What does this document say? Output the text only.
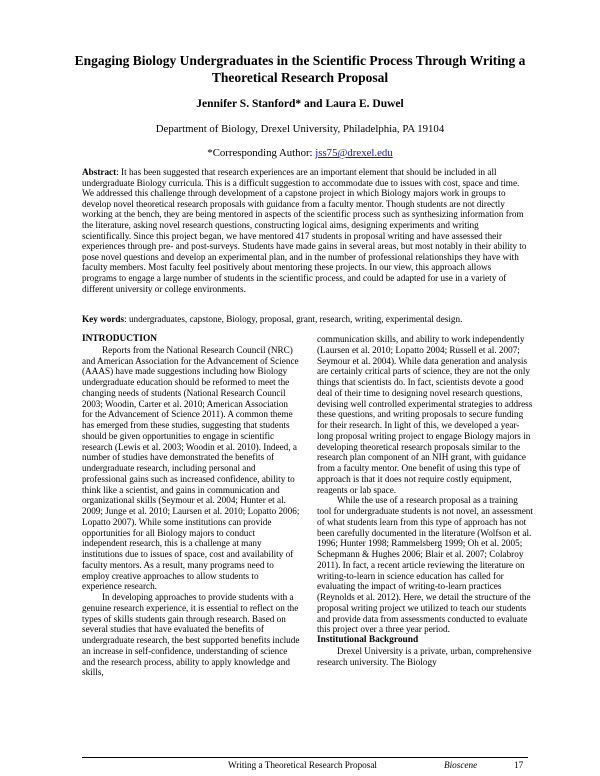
Engaging Biology Undergraduates in the Scientific Process Through Writing a Theoretical Research Proposal
Jennifer S. Stanford* and Laura E. Duwel
Department of Biology, Drexel University, Philadelphia, PA 19104
*Corresponding Author: jss75@drexel.edu
Abstract: It has been suggested that research experiences are an important element that should be included in all undergraduate Biology curricula. This is a difficult suggestion to accommodate due to issues with cost, space and time. We addressed this challenge through development of a capstone project in which Biology majors work in groups to develop novel theoretical research proposals with guidance from a faculty mentor. Though students are not directly working at the bench, they are being mentored in aspects of the scientific process such as synthesizing information from the literature, asking novel research questions, constructing logical aims, designing experiments and writing scientifically. Since this project began, we have mentored 417 students in proposal writing and have assessed their experiences through pre- and post-surveys. Students have made gains in several areas, but most notably in their ability to pose novel questions and develop an experimental plan, and in the number of professional relationships they have with faculty members. Most faculty feel positively about mentoring these projects. In our view, this approach allows programs to engage a large number of students in the scientific process, and could be adapted for use in a variety of different university or college environments.
Key words: undergraduates, capstone, Biology, proposal, grant, research, writing, experimental design.

INTRODUCTION

Reports from the National Research Council (NRC) and American Association for the Advancement of Science (AAAS) have made suggestions including how Biology undergraduate education should be reformed to meet the changing needs of students (National Research Council 2003; Woodin, Carter et al. 2010; American Association for the Advancement of Science 2011). A common theme has emerged from these studies, suggesting that students should be given opportunities to engage in scientific research (Lewis et al. 2003; Woodin et al. 2010). Indeed, a number of studies have demonstrated the benefits of undergraduate research, including personal and professional gains such as increased confidence, ability to think like a scientist, and gains in communication and organizational skills (Seymour et al. 2004; Hunter et al. 2009; Junge et al. 2010; Laursen et al. 2010; Lopatto 2006; Lopatto 2007). While some institutions can provide opportunities for all Biology majors to conduct independent research, this is a challenge at many institutions due to issues of space, cost and availability of faculty mentors. As a result, many programs need to employ creative approaches to allow students to experience research.

In developing approaches to provide students with a genuine research experience, it is essential to reflect on the types of skills students gain through research. Based on several studies that have evaluated the benefits of undergraduate research, the best supported benefits include an increase in self-confidence, understanding of science and the research process, ability to apply knowledge and skills,

communication skills, and ability to work independently (Laursen et al. 2010; Lopatto 2004; Russell et al. 2007; Seymour et al. 2004). While data generation and analysis are certainly critical parts of science, they are not the only things that scientists do. In fact, scientists devote a good deal of their time to designing novel research questions, devising well controlled experimental strategies to address these questions, and writing proposals to secure funding for their research. In light of this, we developed a year-long proposal writing project to engage Biology majors in developing theoretical research proposals similar to the research plan component of an NIH grant, with guidance from a faculty mentor. One benefit of using this type of approach is that it does not require costly equipment, reagents or lab space.

While the use of a research proposal as a training tool for undergraduate students is not novel, an assessment of what students learn from this type of approach has not been carefully documented in the literature (Wolfson et al. 1996; Hunter 1998; Rammelsberg 1999; Oh et al. 2005; Schepmann & Hughes 2006; Blair et al. 2007; Colabroy 2011). In fact, a recent article reviewing the literature on writing-to-learn in science education has called for evaluating the impact of writing-to-learn practices (Reynolds et al. 2012). Here, we detail the structure of the proposal writing project we utilized to teach our students and provide data from assessments conducted to evaluate this project over a three year period.

Institutional Background

Drexel University is a private, urban, comprehensive research university. The Biology

Writing a Theoretical Research Proposal	Bioscene	17
